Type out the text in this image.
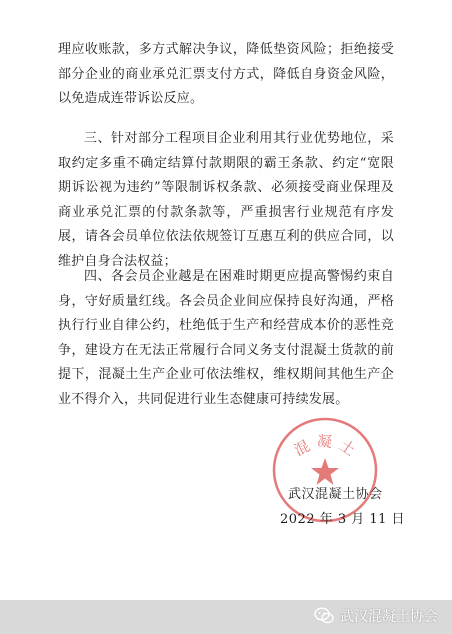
理应收账款，多方式解决争议，降低垫资风险；拒绝接受部分企业的商业承兑汇票支付方式，降低自身资金风险，以免造成连带诉讼反应。
三、针对部分工程项目企业利用其行业优势地位，采取约定多重不确定结算付款期限的霸王条款、约定“宽限期诉讼视为违约”等限制诉权条款、必须接受商业保理及商业承兑汇票的付款条款等，严重损害行业规范有序发展，请各会员单位依法依规签订互惠互利的供应合同，以维护自身合法权益；
四、各会员企业越是在困难时期更应提高警惕约束自身，守好质量红线。各会员企业间应保持良好沟通，严格执行行业自律公约，杜绝低于生产和经营成本价的恶性竞争，建设方在无法正常履行合同义务支付混凝土货款的前提下，混凝土生产企业可依法维权，维权期间其他生产企业不得介入，共同促进行业生态健康可持续发展。
混凝土
武汉混凝土协会
2022 年 3 月 11 日
武汉混凝土协会
